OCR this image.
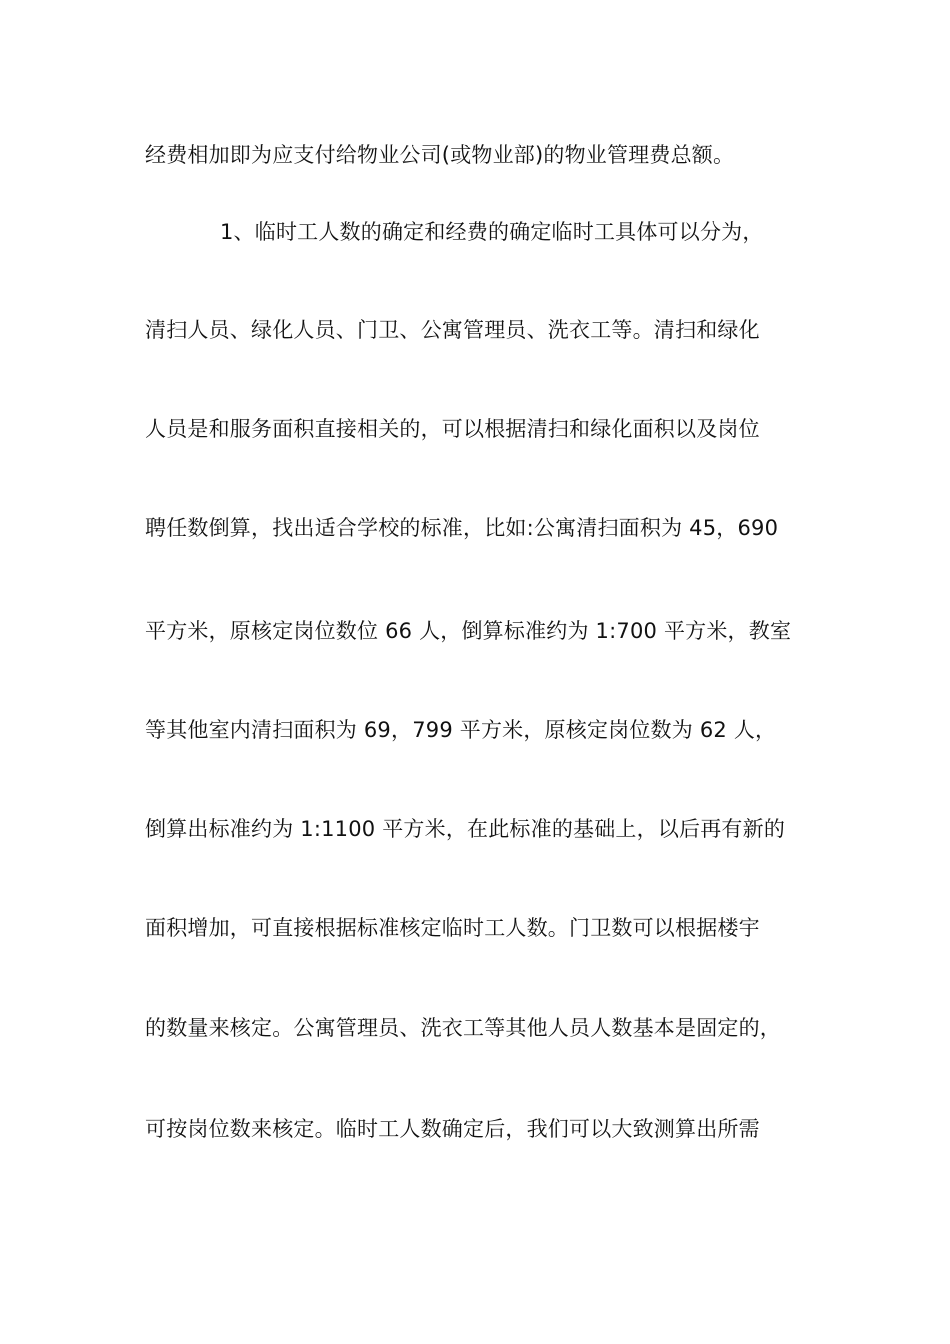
经费相加即为应支付给物业公司(或物业部)的物业管理费总额。
1、临时工人数的确定和经费的确定临时工具体可以分为，
清扫人员、绿化人员、门卫、公寓管理员、洗衣工等。清扫和绿化
人员是和服务面积直接相关的，可以根据清扫和绿化面积以及岗位
聘任数倒算，找出适合学校的标准，比如:公寓清扫面积为 45，690
平方米，原核定岗位数位 66 人，倒算标准约为 1:700 平方米，教室
等其他室内清扫面积为 69，799 平方米，原核定岗位数为 62 人，
倒算出标准约为 1:1100 平方米，在此标准的基础上，以后再有新的
面积增加，可直接根据标准核定临时工人数。门卫数可以根据楼宇
的数量来核定。公寓管理员、洗衣工等其他人员人数基本是固定的，
可按岗位数来核定。临时工人数确定后，我们可以大致测算出所需
